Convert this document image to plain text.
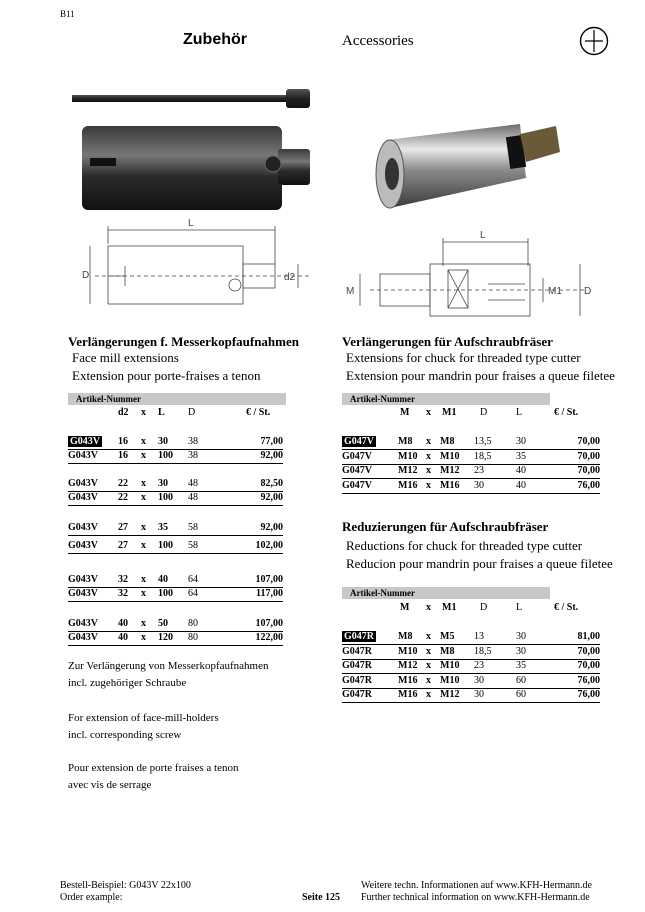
B11
Zubehör	Accessories
L
D	d2
L
M	M1 D
Verlängerungen f. Messerkopfaufnahmen
Face mill extensions
Extension pour porte-fraises a tenon
Artikel-Nummer
d2 x L D	€ / St.
G043V 16 x 30 38	77,00
G043V 16 x 100 38	92,00
G043V 22 x 30 48	82,50
G043V 22 x 100 48	92,00
G043V 27 x 35 58	92,00
G043V 27 x 100 58	102,00
G043V 32 x 40 64	107,00
G043V 32 x 100 64	117,00
G043V 40 x 50 80	107,00
G043V 40 x 120 80	122,00
Zur Verlängerung von Messerkopfaufnahmen
incl. zugehöriger Schraube
For extension of face-mill-holders
incl. corresponding screw
Pour extension de porte fraises a tenon
avec vis de serrage
Verlängerungen für Aufschraubfräser
Extensions for chuck for threaded type cutter
Extension pour mandrin pour fraises a queue filetee
Artikel-Nummer
M x M1 D	L	€ / St.
G047V M8 x M8 13,5 30	70,00
G047V	M10 x M10 18,5 35	70,00
G047V	M12 x M12 23	40	70,00
G047V	M16 x M16 30	40	76,00
Reduzierungen für Aufschraubfräser
Reductions for chuck for threaded type cutter
Reducion pour mandrin pour fraises a queue filetee
Artikel-Nummer
M x M1 D	L	€ / St.
G047R M8 x M5 13	30	81,00
G047R	M10 x M8 18,5 30	70,00
G047R	M12 x M10 23	35	70,00
G047R	M16 x M10 30	60	76,00
G047R	M16 x M12 30	60	76,00
Bestell-Beispiel: G043V 22x100
Order example:	Seite 125
Weitere techn. Informationen auf www.KFH-Hermann.de
Further technical information on www.KFH-Hermann.de
